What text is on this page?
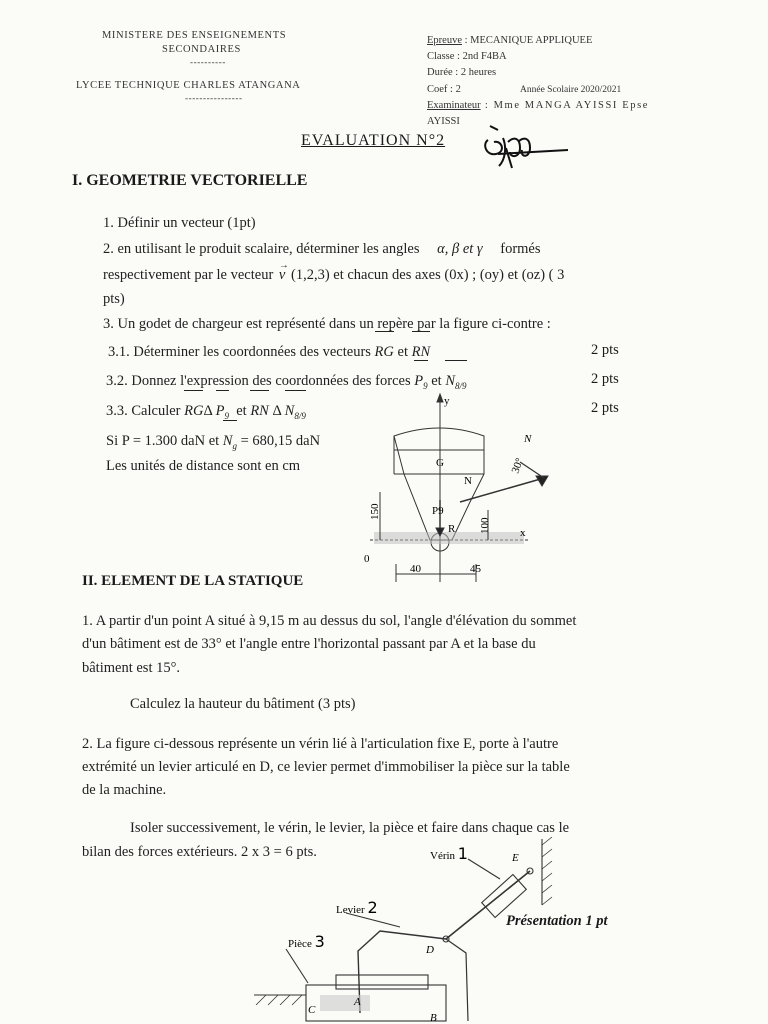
MINISTERE DES ENSEIGNEMENTS
SECONDAIRES
----------
LYCEE TECHNIQUE CHARLES ATANGANA
----------------
Epreuve : MECANIQUE APPLIQUEE
Classe : 2nd F4BA
Durée : 2 heures
Coef : 2	Année Scolaire 2020/2021
Examinateur : Mme MANGA AYISSI Epse
AYISSI
EVALUATION N°2
I. GEOMETRIE VECTORIELLE
1. Définir un vecteur (1pt)
2. en utilisant le produit scalaire, déterminer les angles α, β et γ formés
respectivement par le vecteur
→
v (1,2,3) et chacun des axes (0x) ; (oy) et (oz) ( 3
pts)
3. Un godet de chargeur est représenté dans un repère par la figure ci-contre :
3.1. Déterminer les coordonnées des vecteurs RG et RN	2 pts
3.2. Donnez l'expression des coordonnées des forces $P_9$ et $N_{8/9}$	2 pts
3.3. Calculer RGΔ $P_9$ et RN Δ $N_{8/9}$	2 pts
Si P = 1.300 daN et $N_g = 680,15$ daN
Les unités de distance sont en cm
y
x
G
N
R
P9
150
100
40	45
30°
N
0
II. ELEMENT DE LA STATIQUE
1. A partir d'un point A situé à 9,15 m au dessus du sol, l'angle d'élévation du sommet
d'un bâtiment est de 33° et l'angle entre l'horizontal passant par A et la base du
bâtiment est 15°.
Calculez la hauteur du bâtiment (3 pts)
2. La figure ci-dessous représente un vérin lié à l'articulation fixe E, porte à l'autre
extrémité un levier articulé en D, ce levier permet d'immobiliser la pièce sur la table
de la machine.
Isoler successivement, le vérin, le levier, la pièce et faire dans chaque cas le
bilan des forces extérieurs. 2 x 3 = 6 pts.
Présentation 1 pt
Vérin 1
Levier 2
Pièce 3
E
D
C
A
B
